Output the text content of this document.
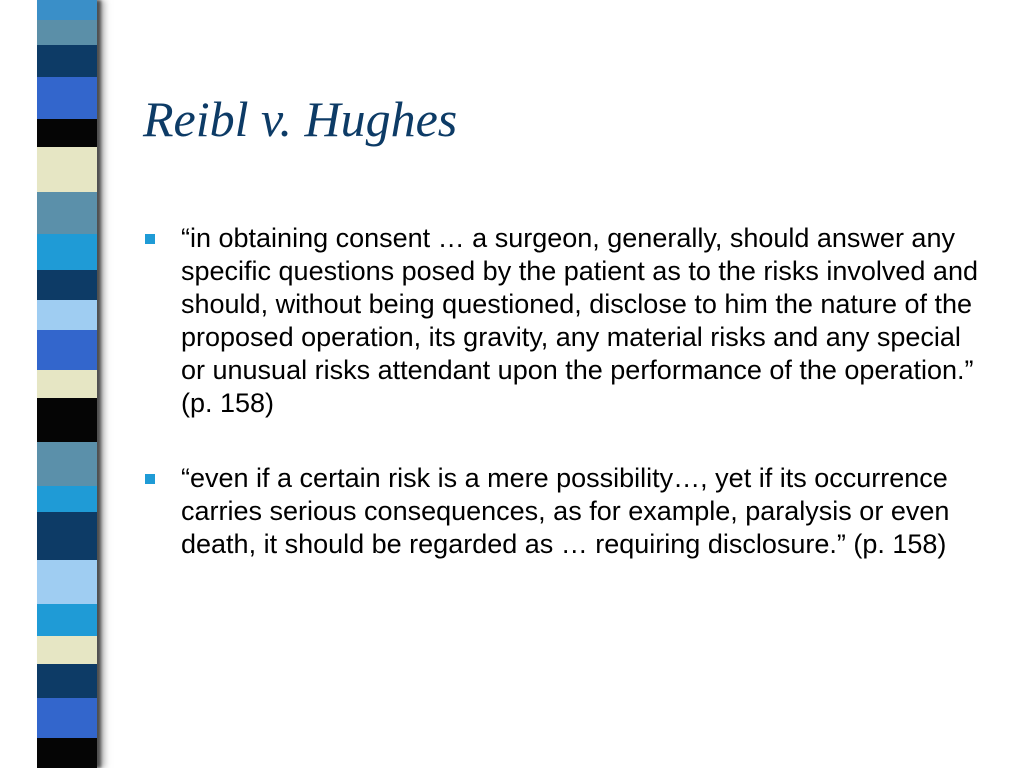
Reibl v. Hughes
“in obtaining consent … a surgeon, generally, should answer any specific questions posed by the patient as to the risks involved and should, without being questioned, disclose to him the nature of the proposed operation, its gravity, any material risks and any special or unusual risks attendant upon the performance of the operation.” (p. 158)
“even if a certain risk is a mere possibility…, yet if its occurrence carries serious consequences, as for example, paralysis or even death, it should be regarded as … requiring disclosure.” (p. 158)
